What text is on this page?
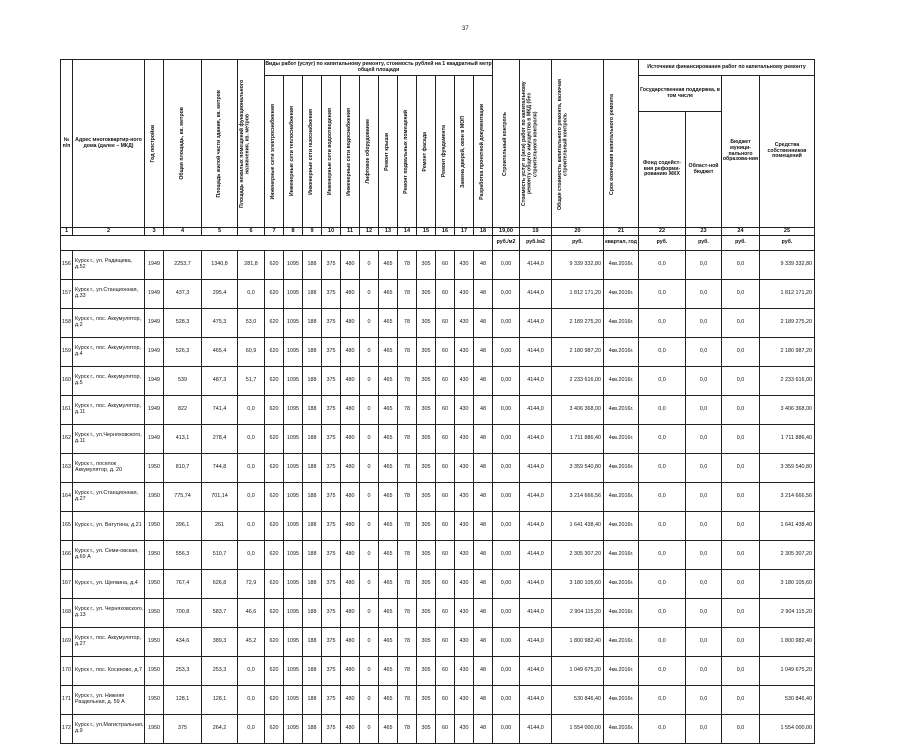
37
№ п/п	Адрес многоквартир-ного дома (далее – МКД)	Год постройки	Общая площадь, кв. метров	Площадь жилой части здания, кв. метров	Площадь нежилых помещений функционального назначения, кв. метров	Виды работ (услуг) по капитальному ремонту, стоимость рублей на 1 квадратный метр общей площади												Строительный контроль	Стоимость услуг и (или) работ по капитальному ремонту общего имущества в МКД (без строительного контроля)	Общая стоимость капитального ремонта, включая строительный контроль	Срок окончания капитального ремонта	Источники финансирования работ по капитальному ремонту			

						Инженерные сети электроснабжения	Инженерные сети теплоснабжения	Инженерные сети газоснабжения	Инженерные сети водоотведения	Инженерные сети водоснабжения	Лифтовое оборудование	Ремонт крыши	Ремонт подвальных помещений	Ремонт фасада	Ремонт фундамента	Замена дверей, окон в МОП	Разработка проектной документации					Государственная поддержка, в том числе		Бюджет муници-пального образова-ния	Средства собственников помещений
																						Фонд содейст-вия реформи-рованию ЖКХ	Област-ной бюджет		
1	2	3	4	5	6	7	8	9	10	11	12	13	14	15	16	17	18	19,00	19	20	21	22	23	24	25
																		руб./м2	руб./м2	руб.	квартал, год	руб.	руб.	руб.	руб.
156	Курск г., ул. Радищева, д.52	1949	2253,7	1340,8	281,8	620	1095	188	375	480	0	465	78	305	60	430	48	0,00	4144,0	9 339 332,80	4кв.2016г.	0,0	0,0	0,0	9 339 332,80
157	Курск г., ул.Станционная, д.33	1949	437,3	295,4	0,0	620	1095	188	375	480	0	465	78	305	60	430	48	0,00	4144,0	1 812 171,20	4кв.2016г.	0,0	0,0	0,0	1 812 171,20
158	Курск г., пос. Аккумулятор, д.2	1949	528,3	475,3	53,0	620	1095	188	375	480	0	465	78	305	60	430	48	0,00	4144,0	2 189 275,20	4кв.2016г.	0,0	0,0	0,0	2 189 275,20
159	Курск г., пос. Аккумулятор, д.4	1949	526,3	465,4	60,9	620	1095	188	375	480	0	465	78	305	60	430	48	0,00	4144,0	2 180 987,20	4кв.2016г.	0,0	0,0	0,0	2 180 987,20
160	Курск г., пос. Аккумулятор, д.5	1949	539	487,3	51,7	620	1095	188	375	480	0	465	78	305	60	430	48	0,00	4144,0	2 233 616,00	4кв.2016г.	0,0	0,0	0,0	2 233 616,00
161	Курск г., пос. Аккумулятор, д.11	1949	822	741,4	0,0	620	1095	188	375	480	0	465	78	305	60	430	48	0,00	4144,0	3 406 368,00	4кв.2016г.	0,0	0,0	0,0	3 406 368,00
162	Курск г., ул.Черняховского, д.11	1949	413,1	278,4	0,0	620	1095	188	375	480	0	465	78	305	60	430	48	0,00	4144,0	1 711 886,40	4кв.2016г.	0,0	0,0	0,0	1 711 886,40
163	Курск г., поселок Аккумулятор, д. 20	1950	810,7	744,8	0,0	620	1095	188	375	480	0	465	78	305	60	430	48	0,00	4144,0	3 359 540,80	4кв.2016г.	0,0	0,0	0,0	3 359 540,80
164	Курск г., ул.Станционная, д.27	1950	775,74	701,14	0,0	620	1095	188	375	480	0	465	78	305	60	430	48	0,00	4144,0	3 214 666,56	4кв.2016г.	0,0	0,0	0,0	3 214 666,56
165	Курск г., ул. Ватутина, д.21	1950	396,1	261	0,0	620	1095	188	375	480	0	465	78	305	60	430	48	0,00	4144,0	1 641 438,40	4кв.2016г.	0,0	0,0	0,0	1 641 438,40
166	Курск г., ул. Семи-овская, д.69 А	1950	556,3	510,7	0,0	620	1095	188	375	480	0	465	78	305	60	430	48	0,00	4144,0	2 305 307,20	4кв.2016г.	0,0	0,0	0,0	2 305 307,20
167	Курск г., ул. Щепкина, д.4	1950	767,4	626,8	72,9	620	1095	188	375	480	0	465	78	305	60	430	48	0,00	4144,0	3 180 105,60	4кв.2016г.	0,0	0,0	0,0	3 180 105,60
168	Курск г., ул. Черняховского, д.13	1950	700,8	583,7	46,6	620	1095	188	375	480	0	465	78	305	60	430	48	0,00	4144,0	2 904 115,20	4кв.2016г.	0,0	0,0	0,0	2 904 115,20
169	Курск г., пос. Аккумулятор, д.27	1950	434,6	389,3	45,2	620	1095	188	375	480	0	465	78	305	60	430	48	0,00	4144,0	1 800 982,40	4кв.2016г.	0,0	0,0	0,0	1 800 982,40
170	Курск г., пос. Косиново, д.7	1950	253,3	253,3	0,0	620	1095	188	375	480	0	465	78	305	60	430	48	0,00	4144,0	1 049 675,20	4кв.2016г.	0,0	0,0	0,0	1 049 675,20
171	Курск г., ул. Нижняя Раздельная, д. 59 А	1950	128,1	128,1	0,0	620	1095	188	375	480	0	465	78	305	60	430	48	0,00	4144,0	530 846,40	4кв.2016г.	0,0	0,0	0,0	530 846,40
172	Курск г., ул.Магистральная, д.9	1950	375	264,2	0,0	620	1095	188	375	480	0	465	78	305	60	430	48	0,00	4144,0	1 554 000,00	4кв.2016г.	0,0	0,0	0,0	1 554 000,00
